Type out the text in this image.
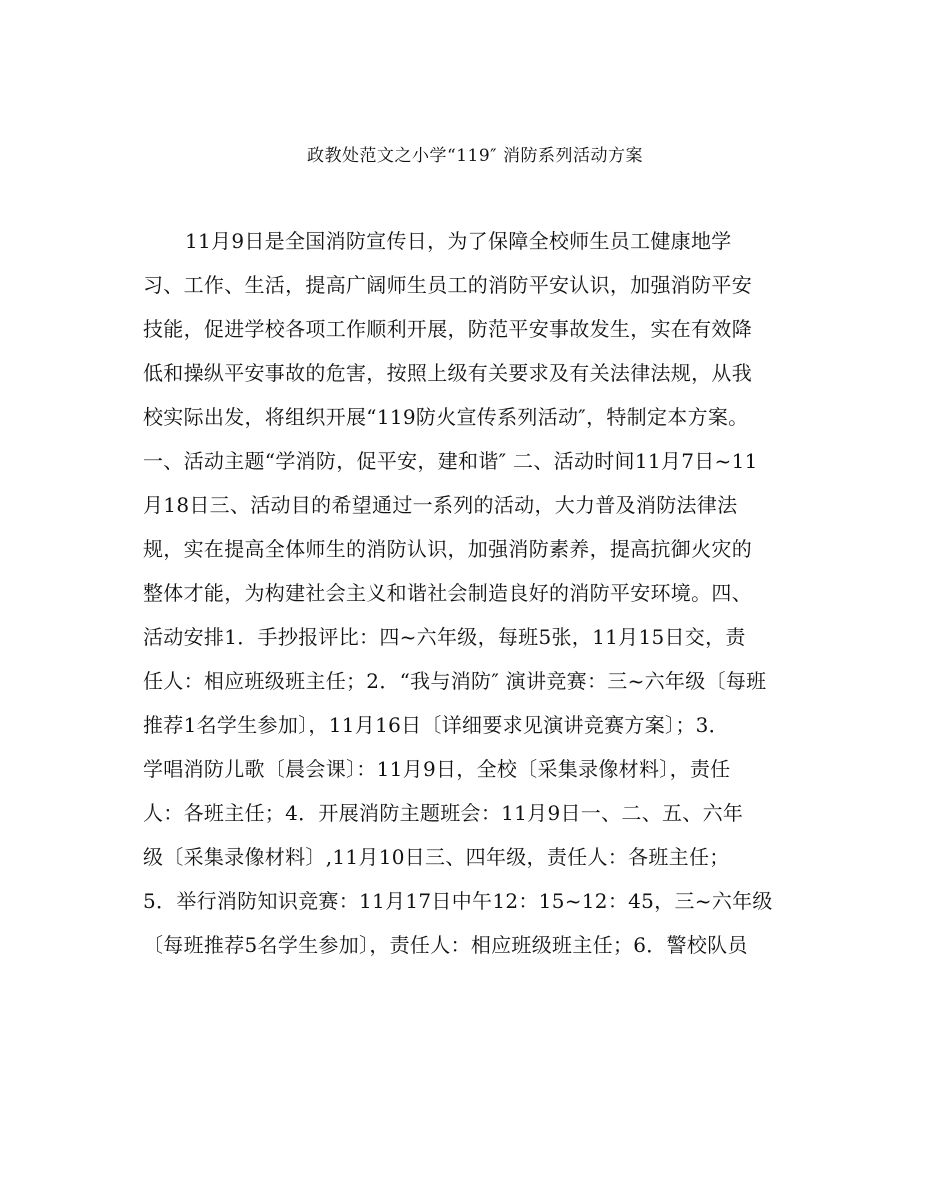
政教处范文之小学“119″ 消防系列活动方案
11月9日是全国消防宣传日，为了保障全校师生员工健康地学
习、工作、生活，提高广阔师生员工的消防平安认识，加强消防平安
技能，促进学校各项工作顺利开展，防范平安事故发生，实在有效降
低和操纵平安事故的危害，按照上级有关要求及有关法律法规，从我
校实际出发，将组织开展“119防火宣传系列活动″，特制定本方案。
一、活动主题“学消防，促平安，建和谐″ 二、活动时间11月7日~11
月18日三、活动目的希望通过一系列的活动，大力普及消防法律法
规，实在提高全体师生的消防认识，加强消防素养，提高抗御火灾的
整体才能，为构建社会主义和谐社会制造良好的消防平安环境。四、
活动安排1．手抄报评比：四~六年级，每班5张，11月15日交，责
任人：相应班级班主任；2．“我与消防″ 演讲竞赛：三~六年级〔每班
推荐1名学生参加〕，11月16日〔详细要求见演讲竞赛方案〕；3．
学唱消防儿歌〔晨会课〕：11月9日，全校〔采集录像材料〕，责任
人：各班主任；4．开展消防主题班会：11月9日一、二、五、六年
级〔采集录像材料〕,11月10日三、四年级，责任人：各班主任；
5．举行消防知识竞赛：11月17日中午12：15~12：45，三~六年级
〔每班推荐5名学生参加〕，责任人：相应班级班主任；6．警校队员
